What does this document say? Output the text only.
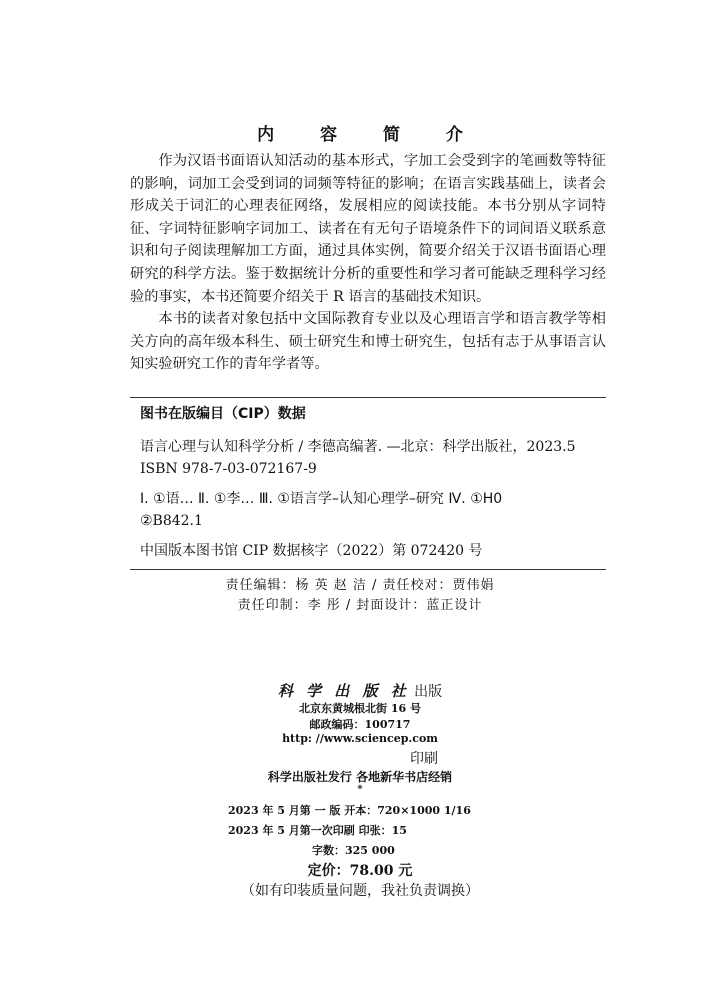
内 容 简 介

作为汉语书面语认知活动的基本形式，字加工会受到字的笔画数等特征的影响，词加工会受到词的词频等特征的影响；在语言实践基础上，读者会形成关于词汇的心理表征网络，发展相应的阅读技能。本书分别从字词特征、字词特征影响字词加工、读者在有无句子语境条件下的词间语义联系意识和句子阅读理解加工方面，通过具体实例，简要介绍关于汉语书面语心理研究的科学方法。鉴于数据统计分析的重要性和学习者可能缺乏理科学习经验的事实，本书还简要介绍关于 R 语言的基础技术知识。

本书的读者对象包括中文国际教育专业以及心理语言学和语言教学等相关方向的高年级本科生、硕士研究生和博士研究生，包括有志于从事语言认知实验研究工作的青年学者等。

图书在版编目（CIP）数据
语言心理与认知科学分析 / 李德高编著. —北京：科学出版社，2023.5
ISBN 978-7-03-072167-9
Ⅰ. ①语… Ⅱ. ①李… Ⅲ. ①语言学–认知心理学–研究 Ⅳ. ①H0
②B842.1
中国版本图书馆 CIP 数据核字（2022）第 072420 号
责任编辑：杨 英 赵 洁 / 责任校对：贾伟娟
责任印制：李 彤 / 封面设计：蓝正设计
科 学 出 版 社 出版
北京东黄城根北街 16 号
邮政编码：100717
http: //www.sciencep.com
印刷
科学出版社发行 各地新华书店经销
*
2023 年 5 月第 一 版 开本：720×1000 1/16
2023 年 5 月第一次印刷 印张：15
字数：325 000
定价：78.00 元
（如有印装质量问题，我社负责调换）
